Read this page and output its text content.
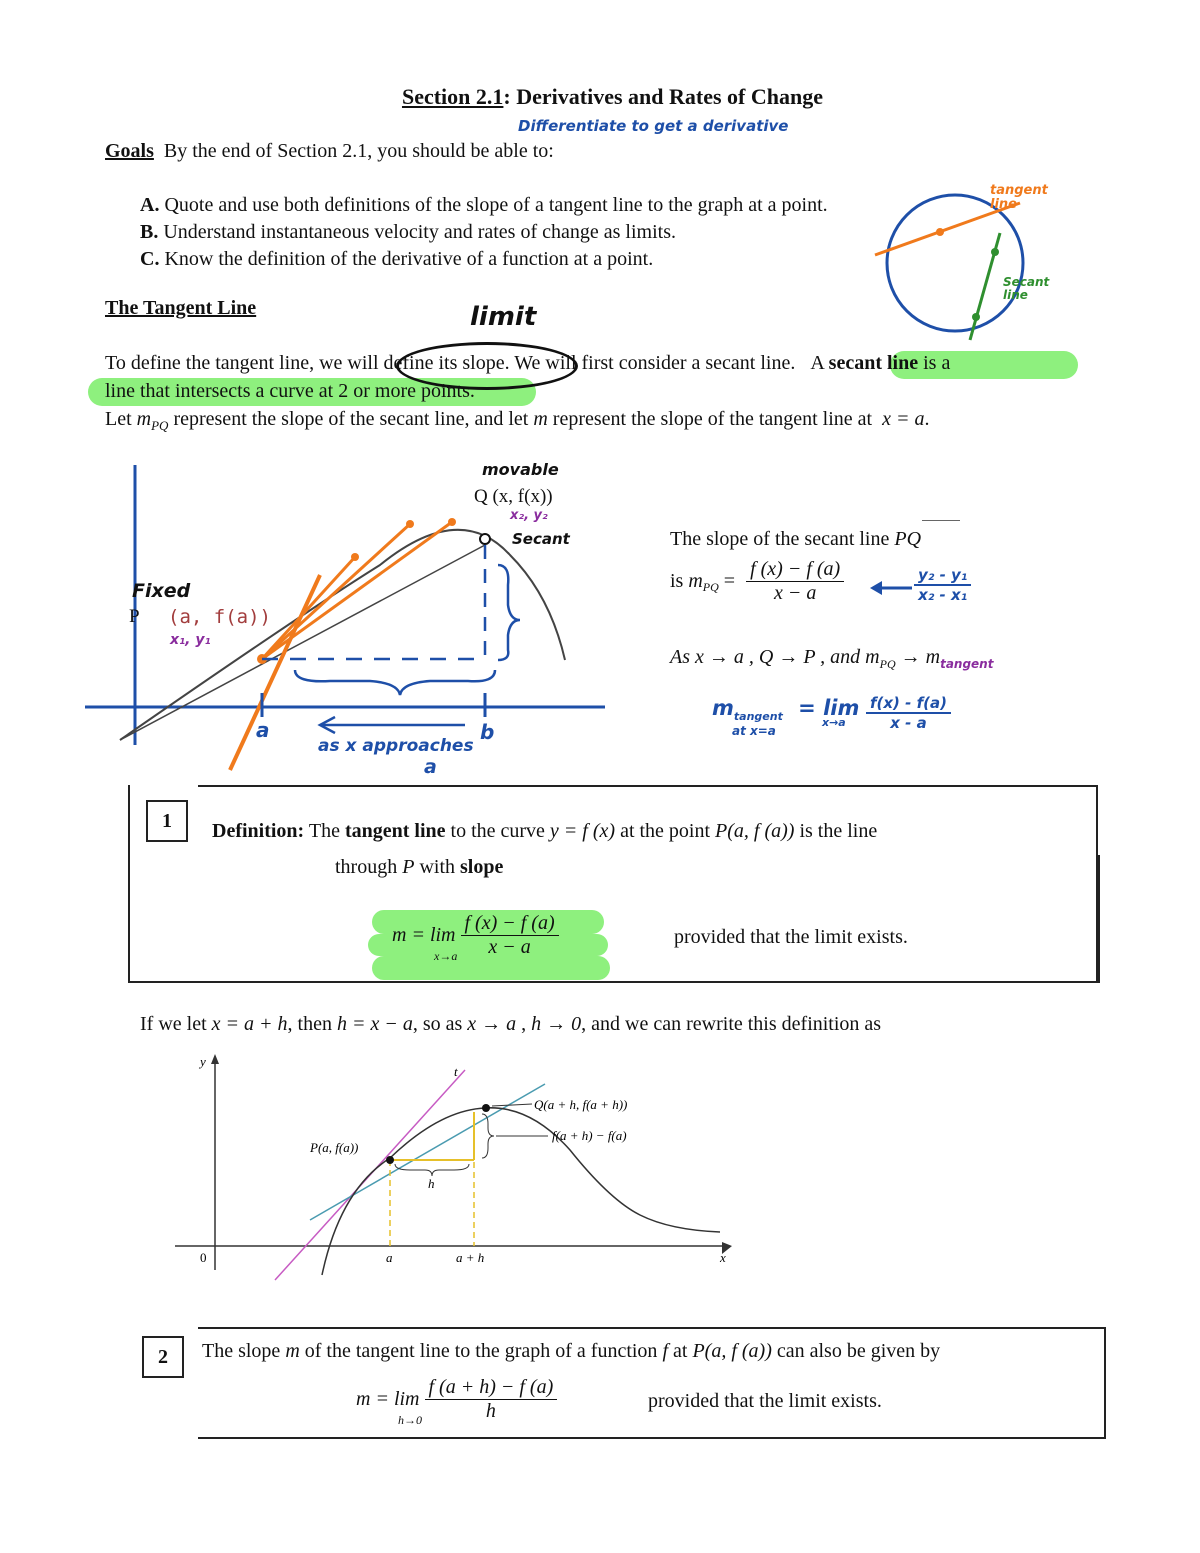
Section 2.1: Derivatives and Rates of Change
Differentiate to get a derivative
Goals By the end of Section 2.1, you should be able to:
A. Quote and use both definitions of the slope of a tangent line to the graph at a point.
B. Understand instantaneous velocity and rates of change as limits.
C. Know the definition of the derivative of a function at a point.
tangent line
Secant line
The Tangent Line	limit
To define the tangent line, we will define its slope. We will first consider a secant line. A secant line is a
line that intersects a curve at 2 or more points.
Let $m_{PQ}$ represent the slope of the secant line, and let m represent the slope of the tangent line at  x = a.
movable
Q (x, f(x))
x₂, y₂
Secant
Fixed
P (a, f(a))
x₁, y₁
a	b
as x approaches
a
The slope of the secant line PQ
is $m_{PQ} = \frac{f (x) - f (a)}{x - a}$	$\frac{\text{y₂ - y₁}}{\text{x₂ - x₁}}$
As x → a , Q → P , and $m_{PQ} \to m_{tangent}$
$m_{tangent} = \lim$
at x=a
$x\to a \frac{f(x) - f(a)}{x - a}$
1	Definition: The tangent line to the curve y = f (x) at the point P(a, f (a)) is the line
through P with slope
$m = \lim \frac{f (x) - f (a)}{x - a}$
x→a
provided that the limit exists.
If we let x = a + h, then h = x − a, so as x → a , h → 0, and we can rewrite this definition as
y
x
0
t
Q(a + h, f(a + h))
f(a + h) − f(a)
P(a, f(a))
h
a	a + h
2	The slope m of the tangent line to the graph of a function f at P(a, f (a)) can also be given by
$m = \lim \frac{f (a + h) - f (a)}{h}$
h→0
provided that the limit exists.
